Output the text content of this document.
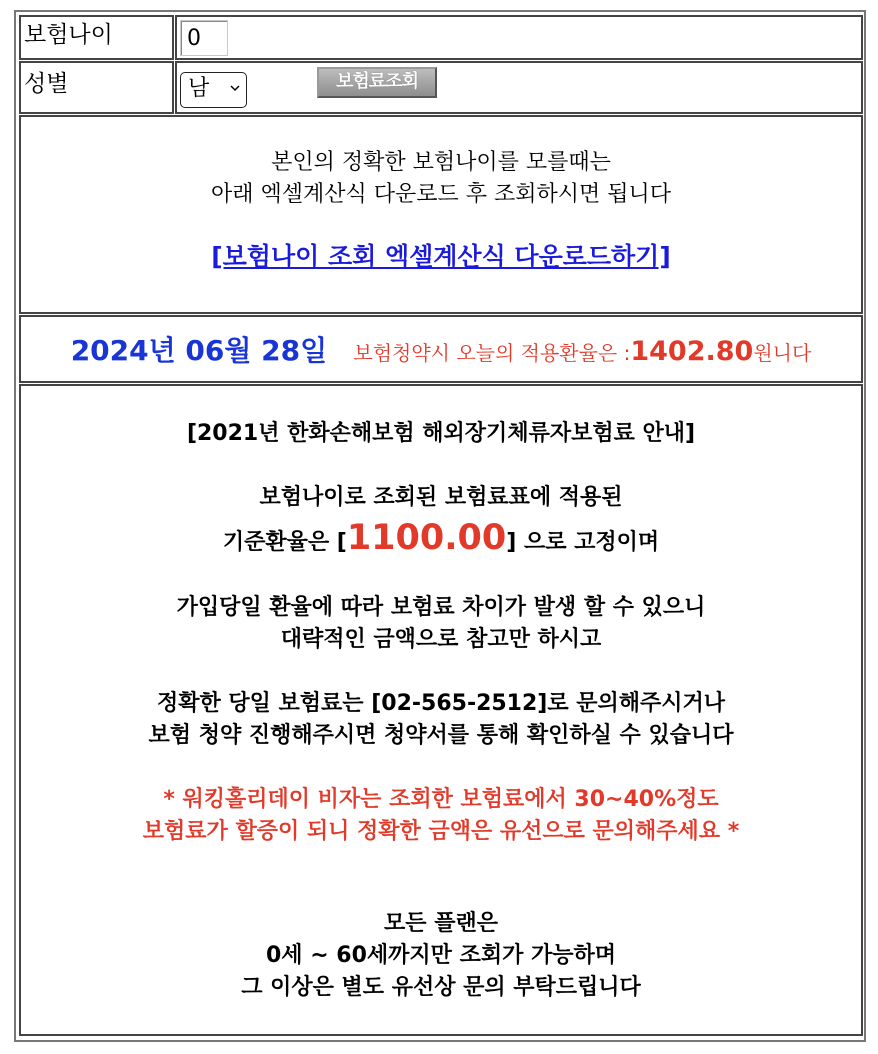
보험나이
0
성별	남	보험료조회
본인의 정확한 보험나이를 모를때는
아래 엑셀계산식 다운로드 후 조회하시면 됩니다
[보험나이 조회 엑셀계산식 다운로드하기]
2024년 06월 28일 보험청약시 오늘의 적용환율은 :1402.80원니다
[2021년 한화손해보험 해외장기체류자보험료 안내]
보험나이로 조회된 보험료표에 적용된
기준환율은 [1100.00] 으로 고정이며
가입당일 환율에 따라 보험료 차이가 발생 할 수 있으니
대략적인 금액으로 참고만 하시고
정확한 당일 보험료는 [02-565-2512]로 문의해주시거나
보험 청약 진행해주시면 청약서를 통해 확인하실 수 있습니다
* 워킹홀리데이 비자는 조회한 보험료에서 30~40%정도
보험료가 할증이 되니 정확한 금액은 유선으로 문의해주세요 *
모든 플랜은
0세 ~ 60세까지만 조회가 가능하며
그 이상은 별도 유선상 문의 부탁드립니다
